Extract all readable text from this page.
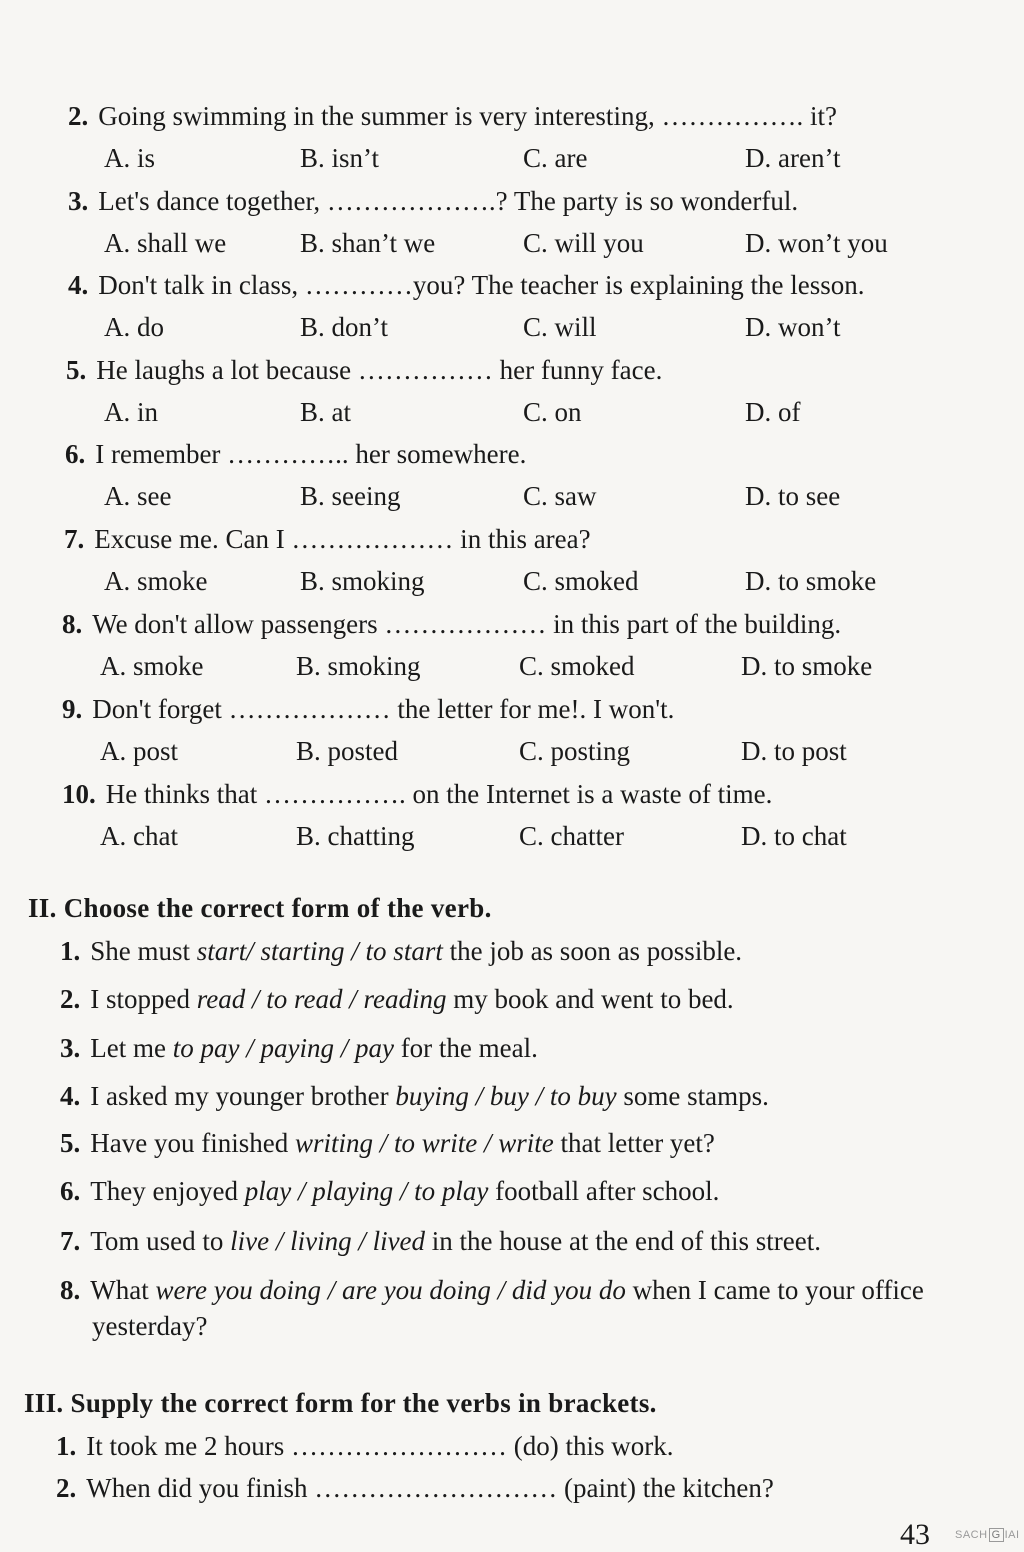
2. Going swimming in the summer is very interesting, ……………. it?
A. is	B. isn’t	C. are	D. aren’t
3. Let's dance together, ……………….? The party is so wonderful.
A. shall we	B. shan’t we	C. will you	D. won’t you
4. Don't talk in class, …………you? The teacher is explaining the lesson.
A. do	B. don’t	C. will	D. won’t
5. He laughs a lot because …………… her funny face.
A. in	B. at	C. on	D. of
6. I remember ………….. her somewhere.
A. see	B. seeing	C. saw	D. to see
7. Excuse me. Can I ……………… in this area?
A. smoke	B. smoking	C. smoked	D. to smoke
8. We don't allow passengers ……………… in this part of the building.
A. smoke	B. smoking	C. smoked	D. to smoke
9. Don't forget ……………… the letter for me!. I won't.
A. post	B. posted	C. posting	D. to post
10. He thinks that ……………. on the Internet is a waste of time.
A. chat	B. chatting	C. chatter	D. to chat
II. Choose the correct form of the verb.
1. She must start/ starting / to start the job as soon as possible.
2. I stopped read / to read / reading my book and went to bed.
3. Let me to pay / paying / pay for the meal.
4. I asked my younger brother buying / buy / to buy some stamps.
5. Have you finished writing / to write / write that letter yet?
6. They enjoyed play / playing / to play football after school.
7. Tom used to live / living / lived in the house at the end of this street.
8. What were you doing / are you doing / did you do when I came to your office
yesterday?
III. Supply the correct form for the verbs in brackets.
1. It took me 2 hours …………………… (do) this work.
2. When did you finish ……………………… (paint) the kitchen?
43 SACH G IAI
